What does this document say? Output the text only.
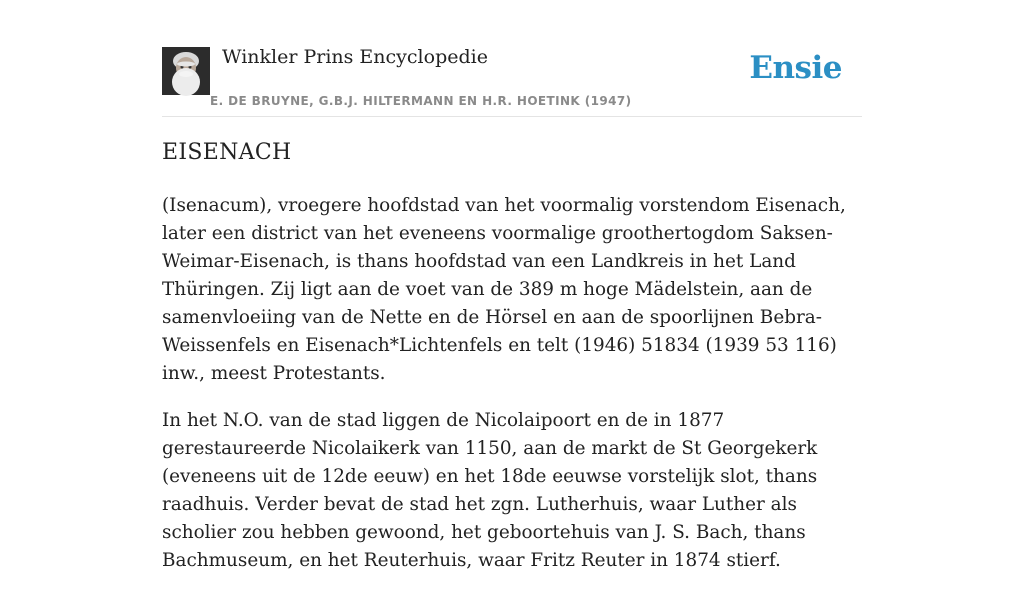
Winkler Prins Encyclopedie
E. DE BRUYNE, G.B.J. HILTERMANN EN H.R. HOETINK (1947)
Ensie
EISENACH

(Isenacum), vroegere hoofdstad van het voormalig vorstendom Eisenach, later een district van het eveneens voormalige groothertogdom Saksen-Weimar-Eisenach, is thans hoofdstad van een Landkreis in het Land Thüringen. Zij ligt aan de voet van de 389 m hoge Mädelstein, aan de samenvloeiing van de Nette en de Hörsel en aan de spoorlijnen Bebra-Weissenfels en Eisenach*Lichtenfels en telt (1946) 51834 (1939 53 116) inw., meest Protestants.

In het N.O. van de stad liggen de Nicolaipoort en de in 1877 gerestaureerde Nicolaikerk van 1150, aan de markt de St Georgekerk (eveneens uit de 12de eeuw) en het 18de eeuwse vorstelijk slot, thans raadhuis. Verder bevat de stad het zgn. Lutherhuis, waar Luther als scholier zou hebben gewoond, het geboortehuis van J. S. Bach, thans Bachmuseum, en het Reuterhuis, waar Fritz Reuter in 1874 stierf.
